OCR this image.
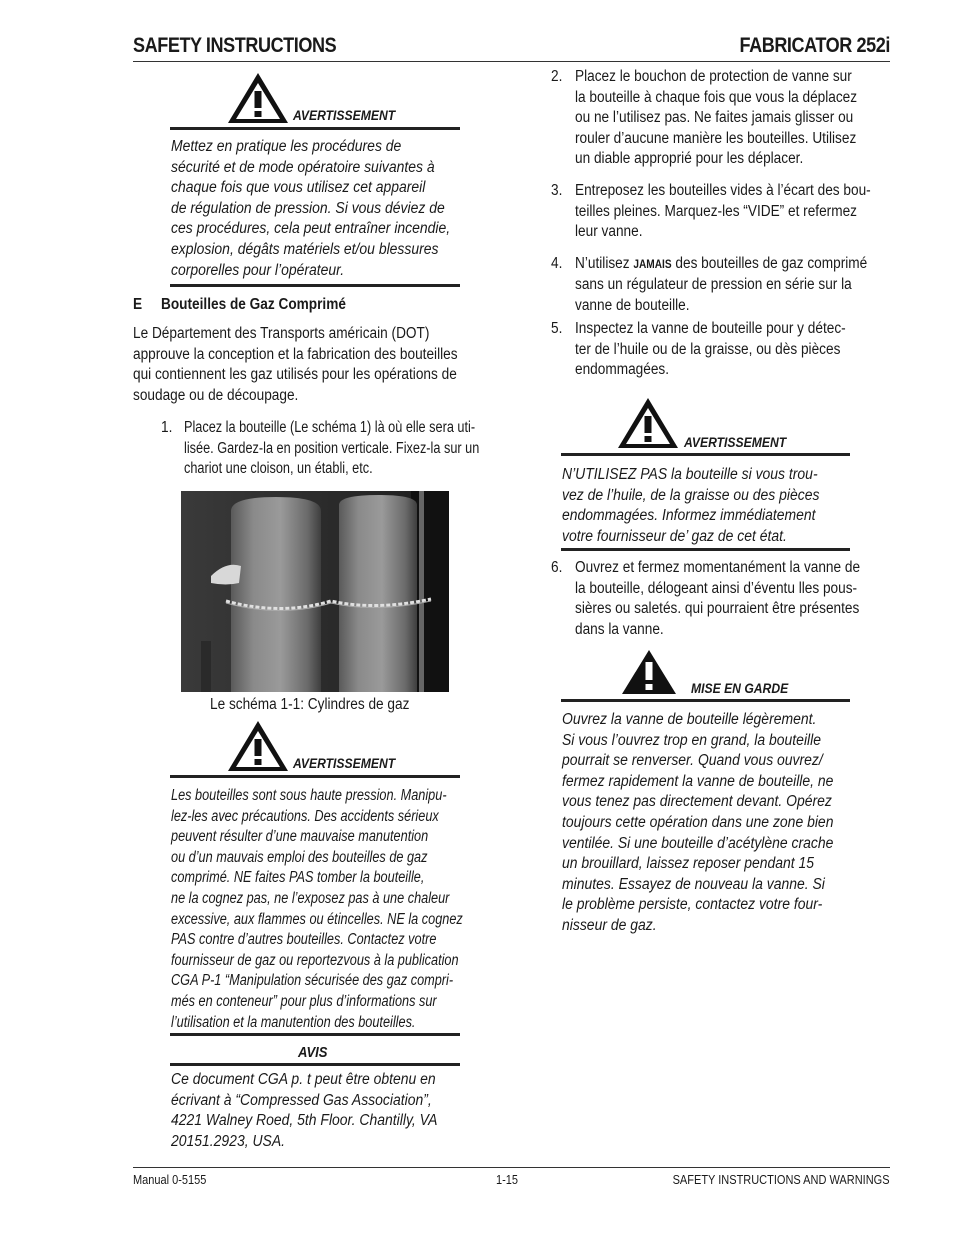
SAFETY INSTRUCTIONS	FABRICATOR 252i
AVERTISSEMENT
Mettez en pratique les procédures de
sécurité et de mode opératoire suivantes à
chaque fois que vous utilisez cet appareil
de régulation de pression. Si vous déviez de
ces procédures, cela peut entraîner incendie,
explosion, dégâts matériels et/ou blessures
corporelles pour l’opérateur.
E Bouteilles de Gaz Comprimé
Le Département des Transports américain (DOT)
approuve la conception et la fabrication des bouteilles
qui contiennent les gaz utilisés pour les opérations de
soudage ou de découpage.
1. Placez la bouteille (Le schéma 1) là où elle sera uti-
lisée. Gardez-la en position verticale. Fixez-la sur un
chariot une cloison, un établi, etc.
Le schéma 1-1: Cylindres de gaz
AVERTISSEMENT
Les bouteilles sont sous haute pression. Manipu-
lez-les avec précautions. Des accidents sérieux
peuvent résulter d’une mauvaise manutention
ou d’un mauvais emploi des bouteilles de gaz
comprimé. NE faites PAS tomber la bouteille,
ne la cognez pas, ne l’exposez pas à une chaleur
excessive, aux flammes ou étincelles. NE la cognez
PAS contre d’autres bouteilles. Contactez votre
fournisseur de gaz ou reportezvous à la publication
CGA P-1 “Manipulation sécurisée des gaz compri-
més en conteneur” pour plus d’informations sur
l’utilisation et la manutention des bouteilles.
AVIS
Ce document CGA p. t peut être obtenu en
écrivant à “Compressed Gas Association”,
4221 Walney Roed, 5th Floor. Chantilly, VA
20151.2923, USA.
2. Placez le bouchon de protection de vanne sur
la bouteille à chaque fois que vous la déplacez
ou ne l’utilisez pas. Ne faites jamais glisser ou
rouler d’aucune manière les bouteilles. Utilisez
un diable approprié pour les déplacer.
3. Entreposez les bouteilles vides à l’écart des bou-
teilles pleines. Marquez-les “VIDE” et refermez
leur vanne.
4. N’utilisez JAMAIS des bouteilles de gaz comprimé
sans un régulateur de pression en série sur la
vanne de bouteille.
5. Inspectez la vanne de bouteille pour y détec-
ter de l’huile ou de la graisse, ou dès pièces
endommagées.
AVERTISSEMENT
N’UTILISEZ PAS la bouteille si vous trou-
vez de l’huile, de la graisse ou des pièces
endommagées. Informez immédiatement
votre fournisseur de’ gaz de cet état.
6. Ouvrez et fermez momentanément la vanne de
la bouteille, délogeant ainsi d’éventu lles pous-
sières ou saletés. qui pourraient être présentes
dans la vanne.
MISE EN GARDE
Ouvrez la vanne de bouteille légèrement.
Si vous l’ouvrez trop en grand, la bouteille
pourrait se renverser. Quand vous ouvrez/
fermez rapidement la vanne de bouteille, ne
vous tenez pas directement devant. Opérez
toujours cette opération dans une zone bien
ventilée. Si une bouteille d’acétylène crache
un brouillard, laissez reposer pendant 15
minutes. Essayez de nouveau la vanne. Si
le problème persiste, contactez votre four-
nisseur de gaz.
Manual 0-5155	1-15	SAFETY INSTRUCTIONS AND WARNINGS
